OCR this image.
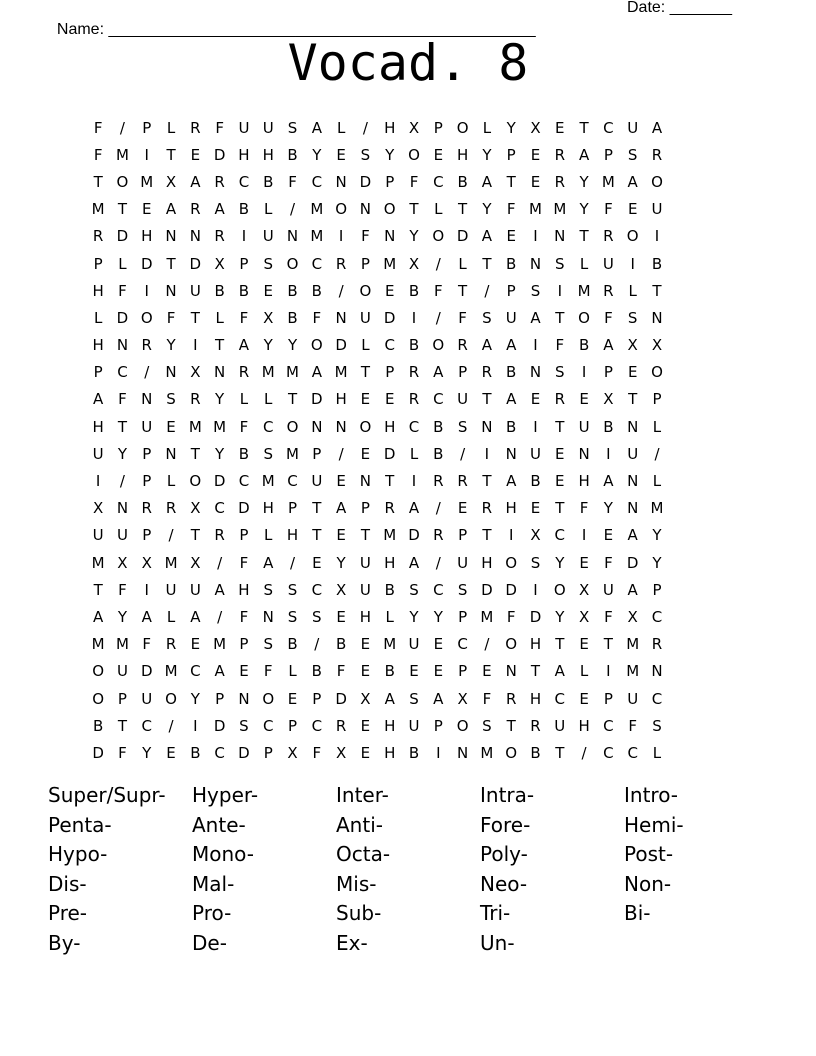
Name: ________________________________________________

Date: _______

Vocad. 8
F	/	P	L R F U U S A L	/	H X P O L	Y X E T C U A
F M	I	T E D H H B Y E S Y O E H Y	P	E R A P	S R
T O M X A R C B F C N D P	F C B A T E R Y M A O
M T E A R A B L	/	M O N O T	L	T	Y	F M M Y	F	E U
R D H N N R	I	U N M	I	F N Y O D A E	I	N T R O	I
P	L D T D X P	S O C R P M X	/	L	T B N S	L U	I	B
H F	I	N U B B E B B	/	O E B F	T	/	P	S	I	M R L	T
L D O F	T	L	F X B F N U D	I	/	F	S U A T O F	S N
H N R Y	I	T A Y	Y O D L C B O R A A	I	F B A X X
P C	/	N X N R M M A M T	P R A P R B N S	I	P	E O
A F N S R Y	L	L	T D H E E R C U T A E R E X T	P
H T U E M M F C O N N O H C B S N B	I	T U B N L
U Y	P N T	Y B S M P	/	E D L B	/	I	N U E N	I	U	/
I	/	P	L O D C M C U E N T	I	R R T A B E H A N L
X N R R X C D H P	T A P R A	/	E R H E T	F	Y N M
U U P	/	T R P	L H T E T M D R P	T	I	X C	I	E A Y
M X X M X	/	F A	/	E Y U H A	/	U H O S Y E	F D Y
T	F	I	U U A H S S C X U B S C S D D	I	O X U A P
A Y A L A	/	F N S S E H L	Y	Y	P M F D Y X F X C
M M F R E M P	S B	/	B E M U E C	/	O H T E T M R
O U D M C A E	F	L B F	E B E E	P	E N T A L	I	M N
O P U O Y	P N O E	P D X A S A X F R H C E	P U C
B T C	/	I	D S C P C R E H U P O S T R U H C F	S
D F	Y E B C D P X F X E H B	I	N M O B T	/	C C L
Super/Supr-	Hyper-	Inter-	Intra-	Intro-
Penta-	Ante-	Anti-	Fore-	Hemi-
Hypo-	Mono-	Octa-	Poly-	Post-
Dis-	Mal-	Mis-	Neo-	Non-
Pre-	Pro-	Sub-	Tri-	Bi-
By-	De-	Ex-	Un-
